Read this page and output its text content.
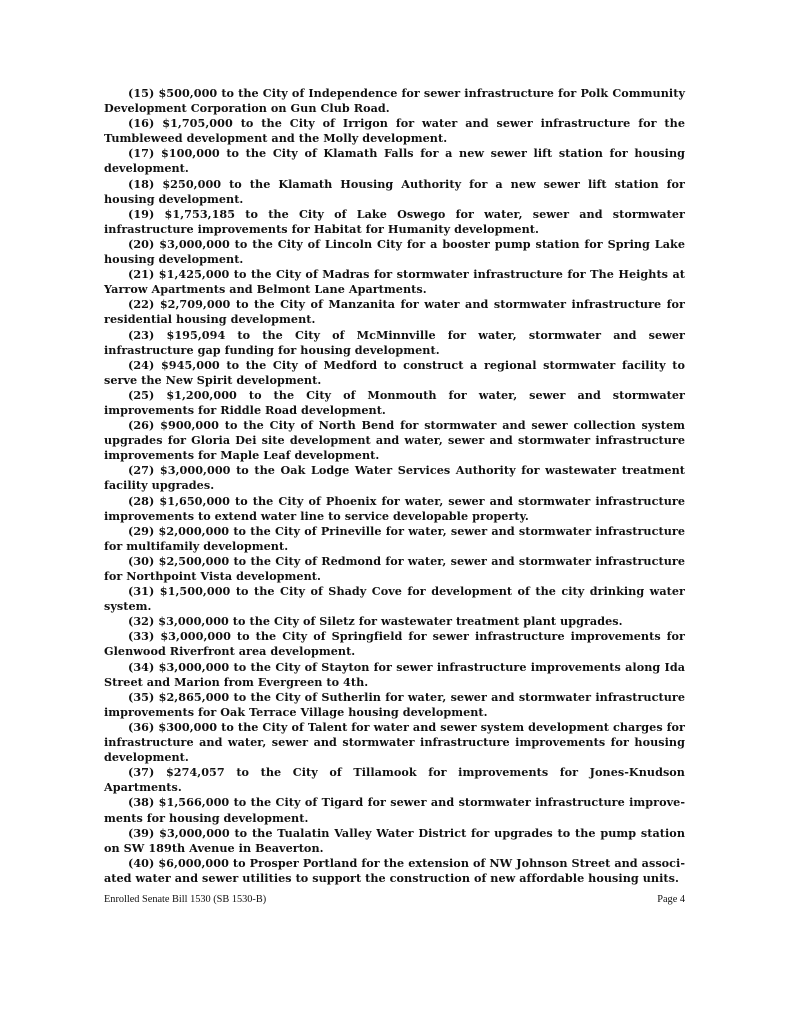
(15) $500,000 to the City of Independence for sewer infrastructure for Polk Community Development Corporation on Gun Club Road.

(16) $1,705,000 to the City of Irrigon for water and sewer infrastructure for the Tumbleweed development and the Molly development.

(17) $100,000 to the City of Klamath Falls for a new sewer lift station for housing development.

(18) $250,000 to the Klamath Housing Authority for a new sewer lift station for housing development.

(19) $1,753,185 to the City of Lake Oswego for water, sewer and stormwater infrastructure improvements for Habitat for Humanity development.

(20) $3,000,000 to the City of Lincoln City for a booster pump station for Spring Lake housing development.

(21) $1,425,000 to the City of Madras for stormwater infrastructure for The Heights at Yarrow Apartments and Belmont Lane Apartments.

(22) $2,709,000 to the City of Manzanita for water and stormwater infrastructure for residential housing development.

(23) $195,094 to the City of McMinnville for water, stormwater and sewer infrastructure gap funding for housing development.

(24) $945,000 to the City of Medford to construct a regional stormwater facility to serve the New Spirit development.

(25) $1,200,000 to the City of Monmouth for water, sewer and stormwater improvements for Riddle Road development.

(26) $900,000 to the City of North Bend for stormwater and sewer collection system upgrades for Gloria Dei site development and water, sewer and stormwater infrastructure improvements for Maple Leaf development.

(27) $3,000,000 to the Oak Lodge Water Services Authority for wastewater treatment facility upgrades.

(28) $1,650,000 to the City of Phoenix for water, sewer and stormwater infrastructure improvements to extend water line to service developable property.

(29) $2,000,000 to the City of Prineville for water, sewer and stormwater infrastructure for multifamily development.

(30) $2,500,000 to the City of Redmond for water, sewer and stormwater infrastructure for Northpoint Vista development.

(31) $1,500,000 to the City of Shady Cove for development of the city drinking water system.

(32) $3,000,000 to the City of Siletz for wastewater treatment plant upgrades.

(33) $3,000,000 to the City of Springfield for sewer infrastructure improvements for Glenwood Riverfront area development.

(34) $3,000,000 to the City of Stayton for sewer infrastructure improvements along Ida Street and Marion from Evergreen to 4th.

(35) $2,865,000 to the City of Sutherlin for water, sewer and stormwater infrastructure improvements for Oak Terrace Village housing development.

(36) $300,000 to the City of Talent for water and sewer system development charges for infrastructure and water, sewer and stormwater infrastructure improvements for housing development.

(37) $274,057 to the City of Tillamook for improvements for Jones-Knudson Apartments.

(38) $1,566,000 to the City of Tigard for sewer and stormwater infrastructure improvements for housing development.

(39) $3,000,000 to the Tualatin Valley Water District for upgrades to the pump station on SW 189th Avenue in Beaverton.

(40) $6,000,000 to Prosper Portland for the extension of NW Johnson Street and associated water and sewer utilities to support the construction of new affordable housing units.

Enrolled Senate Bill 1530 (SB 1530-B)	Page 4
